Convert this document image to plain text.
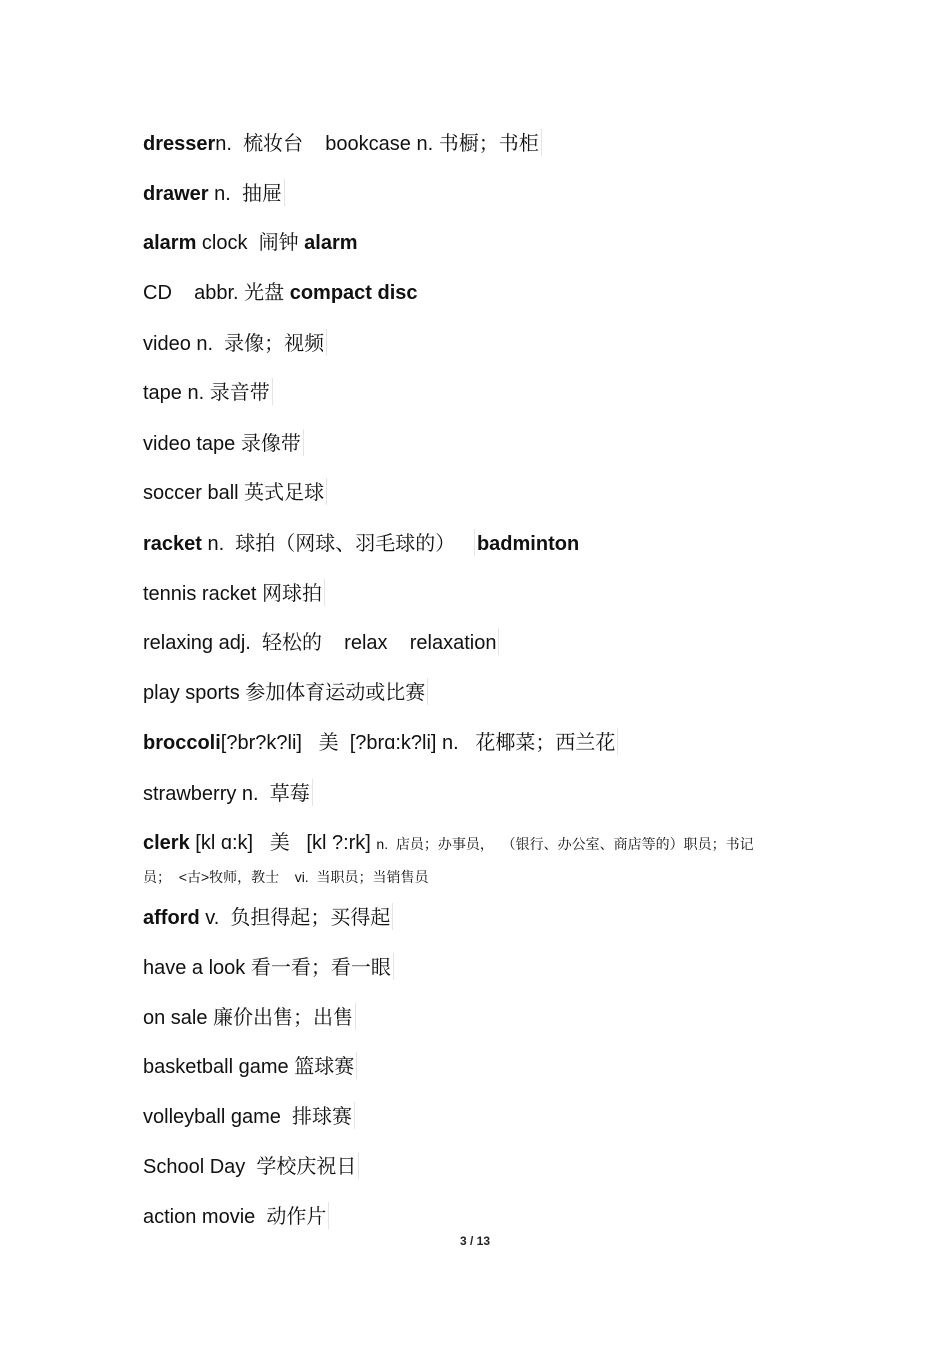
dressern.  梳妆台    bookcase n. 书橱；书柜
drawer n.  抽屉
alarm clock  闹钟 alarm
CD    abbr. 光盘 compact disc
video n.  录像；视频
tape n. 录音带
video tape 录像带
soccer ball 英式足球
racket n.  球拍（网球、羽毛球的）   badminton
tennis racket 网球拍
relaxing adj.  轻松的    relax    relaxation
play sports 参加体育运动或比赛
broccoli[?br?k?li]   美  [?brɑ:k?li] n.   花椰菜；西兰花
strawberry n.  草莓
clerk [kl ɑ:k]   美   [kl ?:rk] n.  店员；办事员，  （银行、办公室、商店等的）职员；书记
员；  <古>牧师，教士    vi.  当职员；当销售员
afford v.  负担得起；买得起
have a look 看一看；看一眼
on sale 廉价出售；出售
basketball game 篮球赛
volleyball game  排球赛
School Day  学校庆祝日
action movie  动作片
3 / 13
